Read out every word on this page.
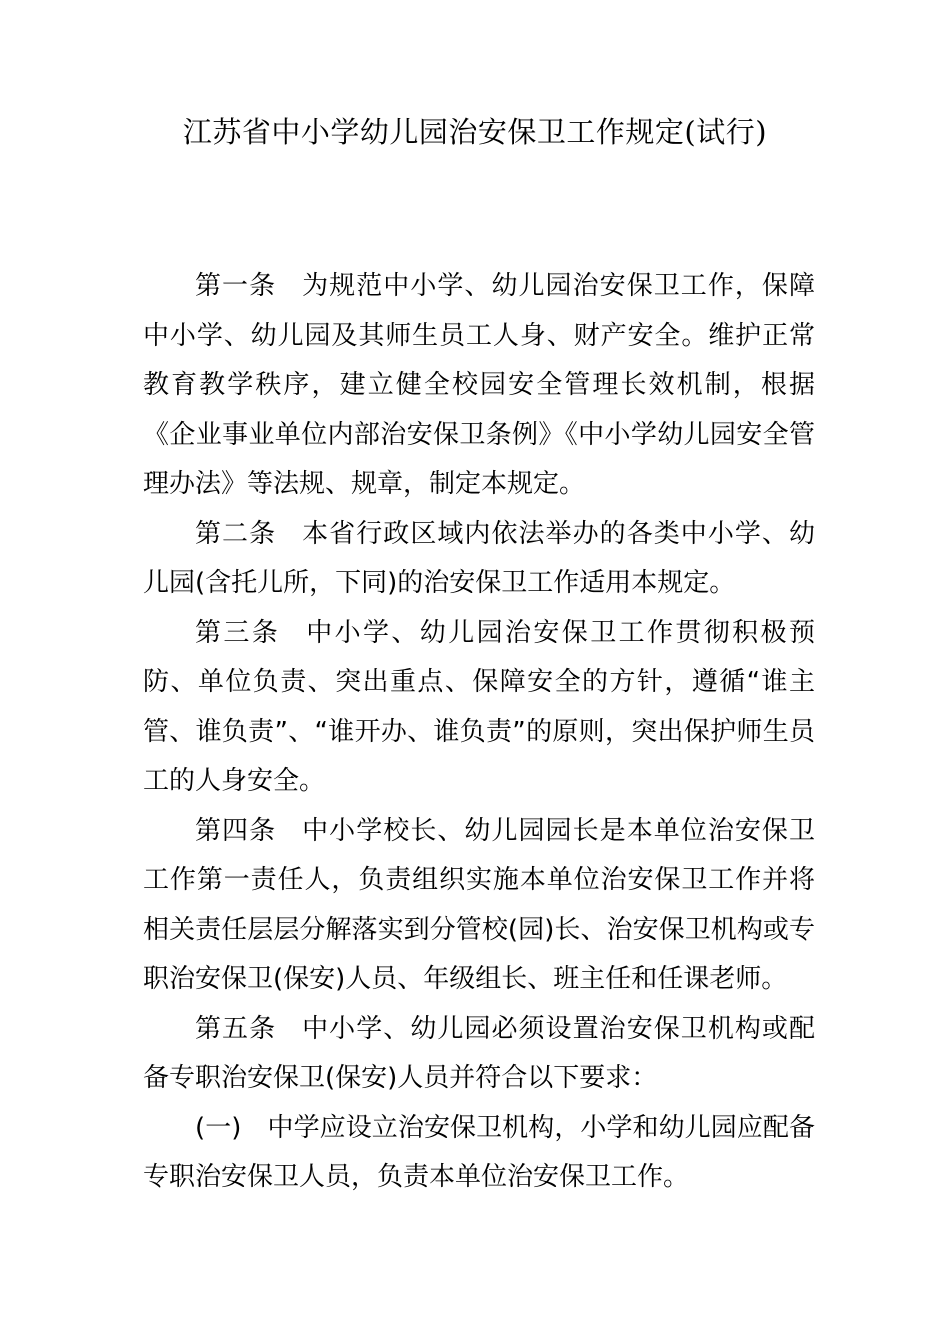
江苏省中小学幼儿园治安保卫工作规定(试行)

第一条 为规范中小学、幼儿园治安保卫工作，保障中小学、幼儿园及其师生员工人身、财产安全。维护正常教育教学秩序，建立健全校园安全管理长效机制，根据《企业事业单位内部治安保卫条例》《中小学幼儿园安全管理办法》等法规、规章，制定本规定。

第二条 本省行政区域内依法举办的各类中小学、幼儿园(含托儿所，下同)的治安保卫工作适用本规定。

第三条 中小学、幼儿园治安保卫工作贯彻积极预防、单位负责、突出重点、保障安全的方针，遵循“谁主管、谁负责”、“谁开办、谁负责”的原则，突出保护师生员工的人身安全。

第四条 中小学校长、幼儿园园长是本单位治安保卫工作第一责任人，负责组织实施本单位治安保卫工作并将相关责任层层分解落实到分管校(园)长、治安保卫机构或专职治安保卫(保安)人员、年级组长、班主任和任课老师。

第五条 中小学、幼儿园必须设置治安保卫机构或配备专职治安保卫(保安)人员并符合以下要求：

(一) 中学应设立治安保卫机构，小学和幼儿园应配备专职治安保卫人员，负责本单位治安保卫工作。
